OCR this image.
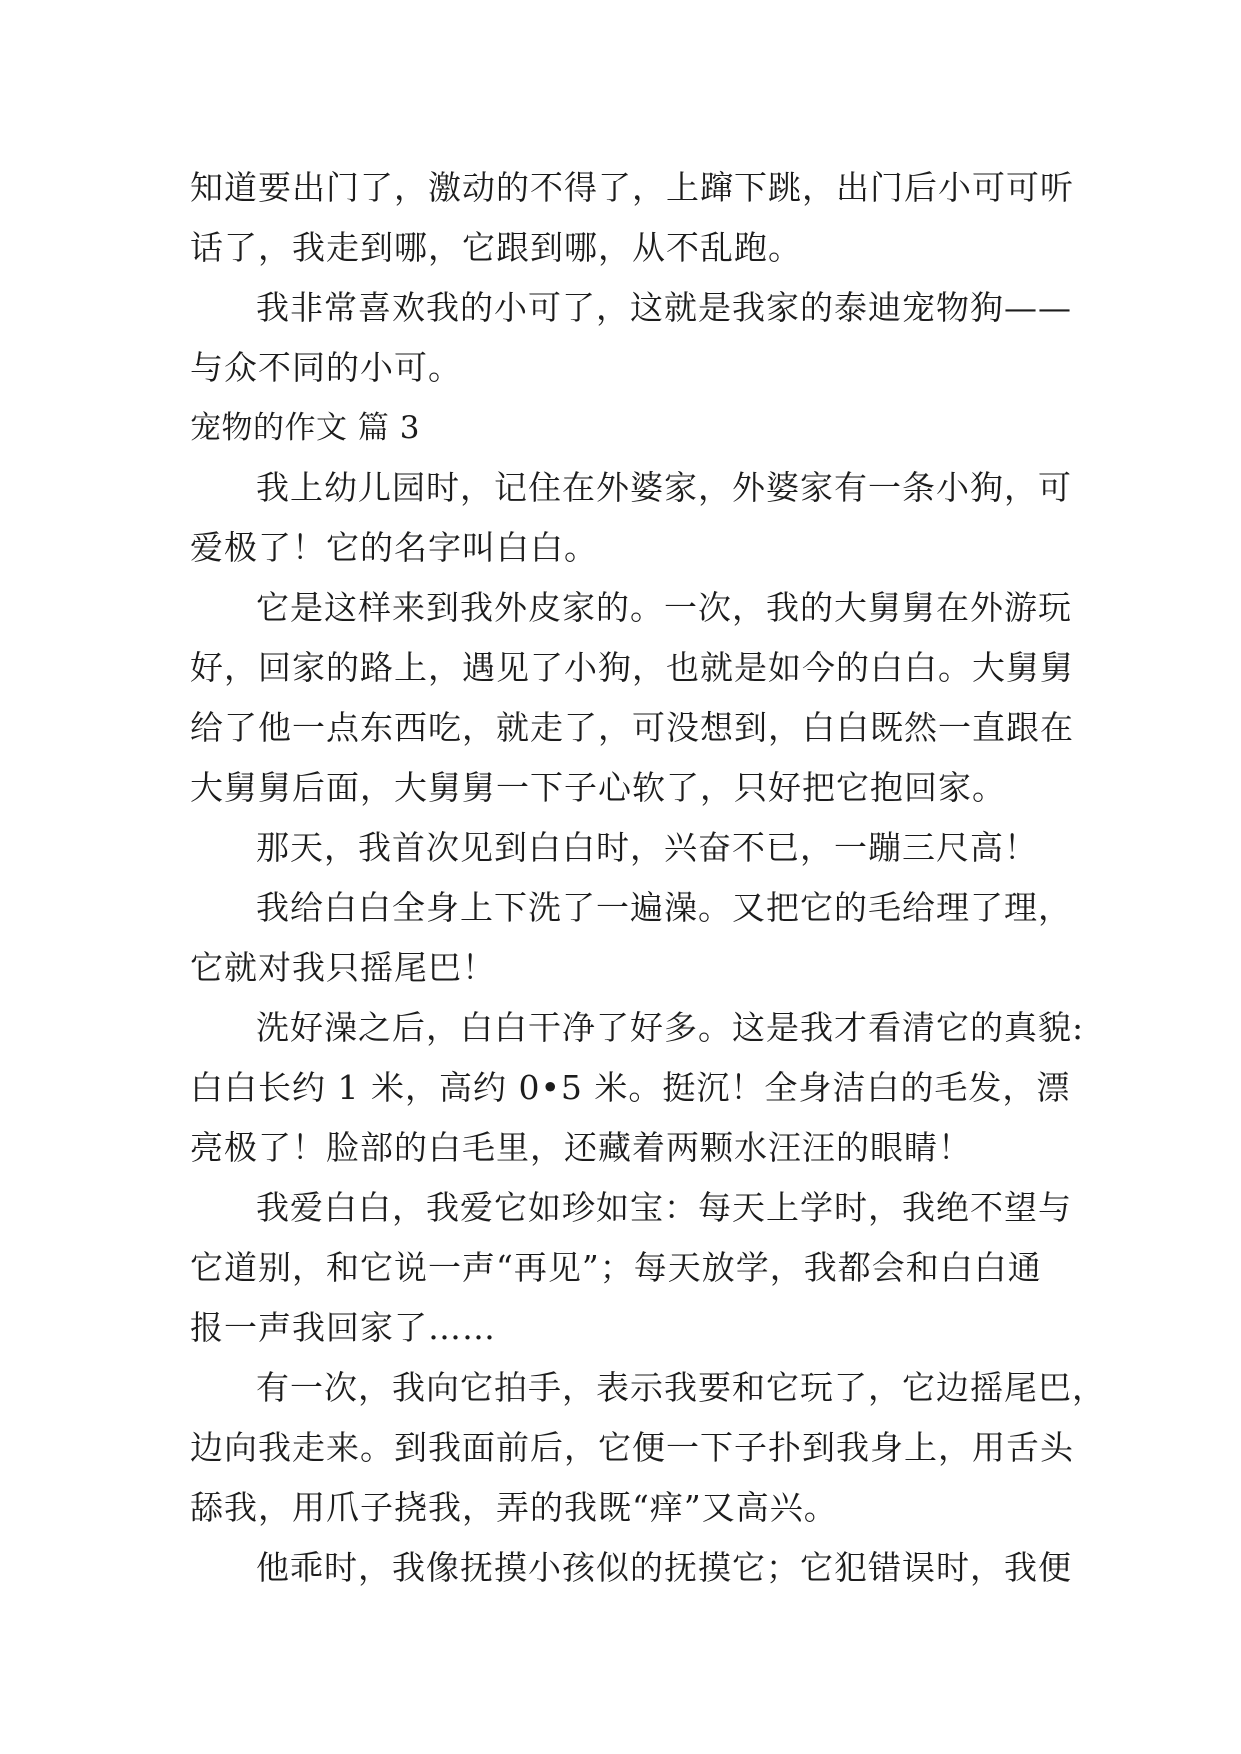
知道要出门了，激动的不得了，上蹿下跳，出门后小可可听
话了，我走到哪，它跟到哪，从不乱跑。
我非常喜欢我的小可了，这就是我家的泰迪宠物狗——
与众不同的小可。
宠物的作文 篇 3
我上幼儿园时，记住在外婆家，外婆家有一条小狗，可
爱极了！它的名字叫白白。
它是这样来到我外皮家的。一次，我的大舅舅在外游玩
好，回家的路上，遇见了小狗，也就是如今的白白。大舅舅
给了他一点东西吃，就走了，可没想到，白白既然一直跟在
大舅舅后面，大舅舅一下子心软了，只好把它抱回家。
那天，我首次见到白白时，兴奋不已，一蹦三尺高！
我给白白全身上下洗了一遍澡。又把它的毛给理了理，
它就对我只摇尾巴！
洗好澡之后，白白干净了好多。这是我才看清它的真貌:
白白长约 1 米，高约 0•5 米。挺沉！全身洁白的毛发，漂
亮极了！脸部的白毛里，还藏着两颗水汪汪的眼睛！
我爱白白，我爱它如珍如宝：每天上学时，我绝不望与
它道别，和它说一声“再见”；每天放学，我都会和白白通
报一声我回家了……
有一次，我向它拍手，表示我要和它玩了，它边摇尾巴，
边向我走来。到我面前后，它便一下子扑到我身上，用舌头
舔我，用爪子挠我，弄的我既“痒”又高兴。
他乖时，我像抚摸小孩似的抚摸它；它犯错误时，我便
